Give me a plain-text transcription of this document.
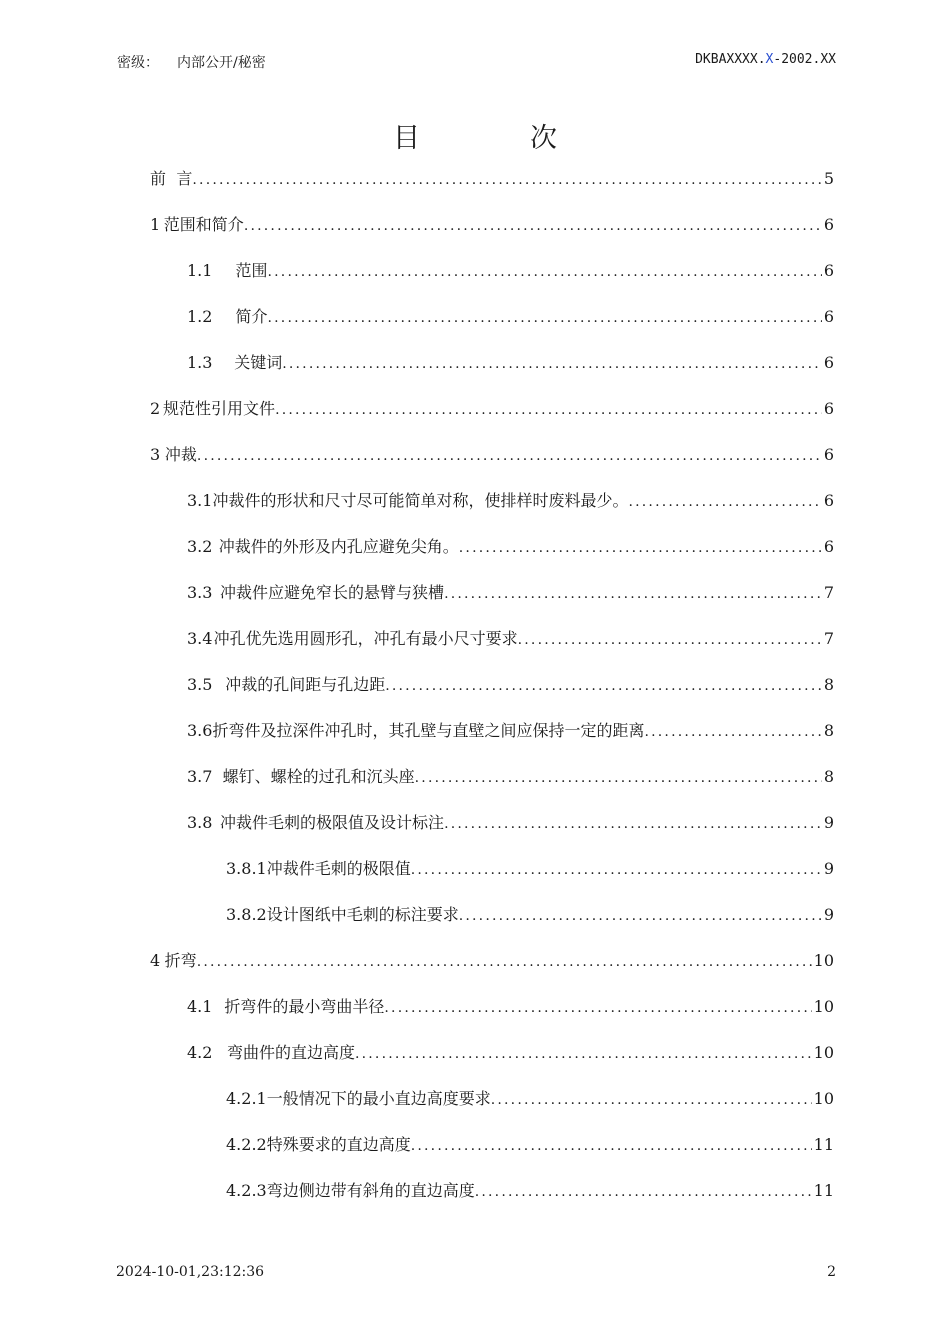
密级： 内部公开/秘密	DKBAXXXX.X-2002.XX
目	次
前 言 .....	5
1 范围和简介 .....	6
1.1	范围 .....	6
1.2	简介 .....	6
1.3	关键词 .....	6
2 规范性引用文件 .....	6
3 冲裁 .....	6
3.1 冲裁件的形状和尺寸尽可能简单对称，使排样时废料最少。 .....	6
3.2 冲裁件的外形及内孔应避免尖角。 .....	6
3.3 冲裁件应避免窄长的悬臂与狭槽 .....	7
3.4 冲孔优先选用圆形孔，冲孔有最小尺寸要求 .....	7
3.5 冲裁的孔间距与孔边距 .....	8
3.6 折弯件及拉深件冲孔时，其孔壁与直壁之间应保持一定的距离 .....	8
3.7 螺钉、螺栓的过孔和沉头座 .....	8
3.8 冲裁件毛刺的极限值及设计标注 .....	9
3.8.1 冲裁件毛刺的极限值 .....	9
3.8.2 设计图纸中毛刺的标注要求 .....	9
4 折弯 .....	10
4.1 折弯件的最小弯曲半径 .....	10
4.2 弯曲件的直边高度 .....	10
4.2.1 一般情况下的最小直边高度要求 .....	10
4.2.2 特殊要求的直边高度 .....	11
4.2.3 弯边侧边带有斜角的直边高度 .....	11
2024-10-01,23:12:36	2
